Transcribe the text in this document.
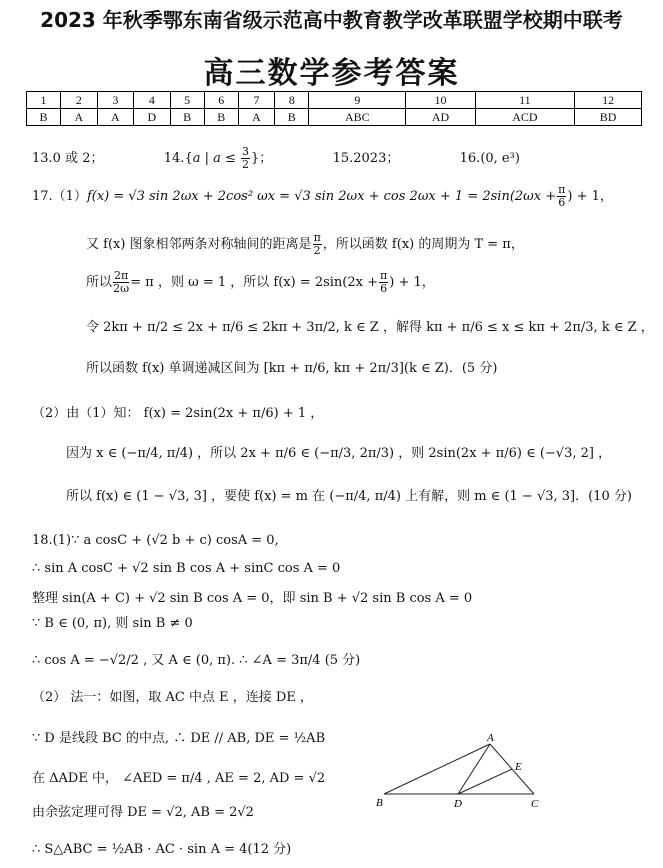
2023 年秋季鄂东南省级示范高中教育教学改革联盟学校期中联考
高三数学参考答案
1	2	3	4	5	6	7	8	9	10	11	12
B	A	A	D	B	B	A	B	ABC	AD	ACD	BD
13.0 或 2；	14.{a | $a \le \frac{3}{2}$ }；	15.2023；	16.(0, e³)
17.（1）f(x) = √3 sin 2ωx + 2cos² ωx = √3 $\sin 2\omega x + \cos 2\omega x + 1 = 2\sin(2\omega x + \frac{\pi}{6}$ ) + 1，
又 f(x) 图象相邻两条对称轴间的距离是 $\frac{\pi}{2}$ ，所以函数 f(x) 的周期为 T = π，
所以 $\frac{2\pi}{2\omega} = \pi$ ，则 ω = 1 ，所以 $f(x) = 2\sin(2x + \frac{\pi}{6}$ ) + 1，
令 2kπ + π/2 ≤ 2x + π/6 ≤ 2kπ + 3π/2, k ∈ Z ，解得 kπ + π/6 ≤ x ≤ kπ + 2π/3, k ∈ Z ，
所以函数 f(x) 单调递减区间为 [kπ + π/6, kπ + 2π/3](k ∈ Z)．(5 分)
（2）由（1）知： f(x) = 2sin(2x + π/6) + 1 ，
因为 x ∈ (−π/4, π/4) ，所以 2x + π/6 ∈ (−π/3, 2π/3) ，则 2sin(2x + π/6) ∈ (−√3, 2] ，
所以 f(x) ∈ (1 − √3, 3] ，要使 f(x) = m 在 (−π/4, π/4) 上有解，则 m ∈ (1 − √3, 3]．(10 分)
18.(1)∵ a cosC + (√2 b + c) cosA = 0,
∴ sin A cosC + √2 sin B cos A + sinC cos A = 0
整理 sin(A + C) + √2 sin B cos A = 0，即 sin B + √2 sin B cos A = 0
∵ B ∈ (0, π), 则 sin B ≠ 0
∴ cos A = −√2/2 , 又 A ∈ (0, π). ∴ ∠A = 3π/4 (5 分)
（2） 法一：如图，取 AC 中点 E ，连接 DE ，
∵ D 是线段 BC 的中点, ∴ DE // AB, DE = ½AB
在 ΔADE 中， ∠AED = π/4 , AE = 2, AD = √2
由余弦定理可得 DE = √2, AB = 2√2
∴ S△ABC = ½AB · AC · sin A = 4(12 分)
A
E
B	D	C
